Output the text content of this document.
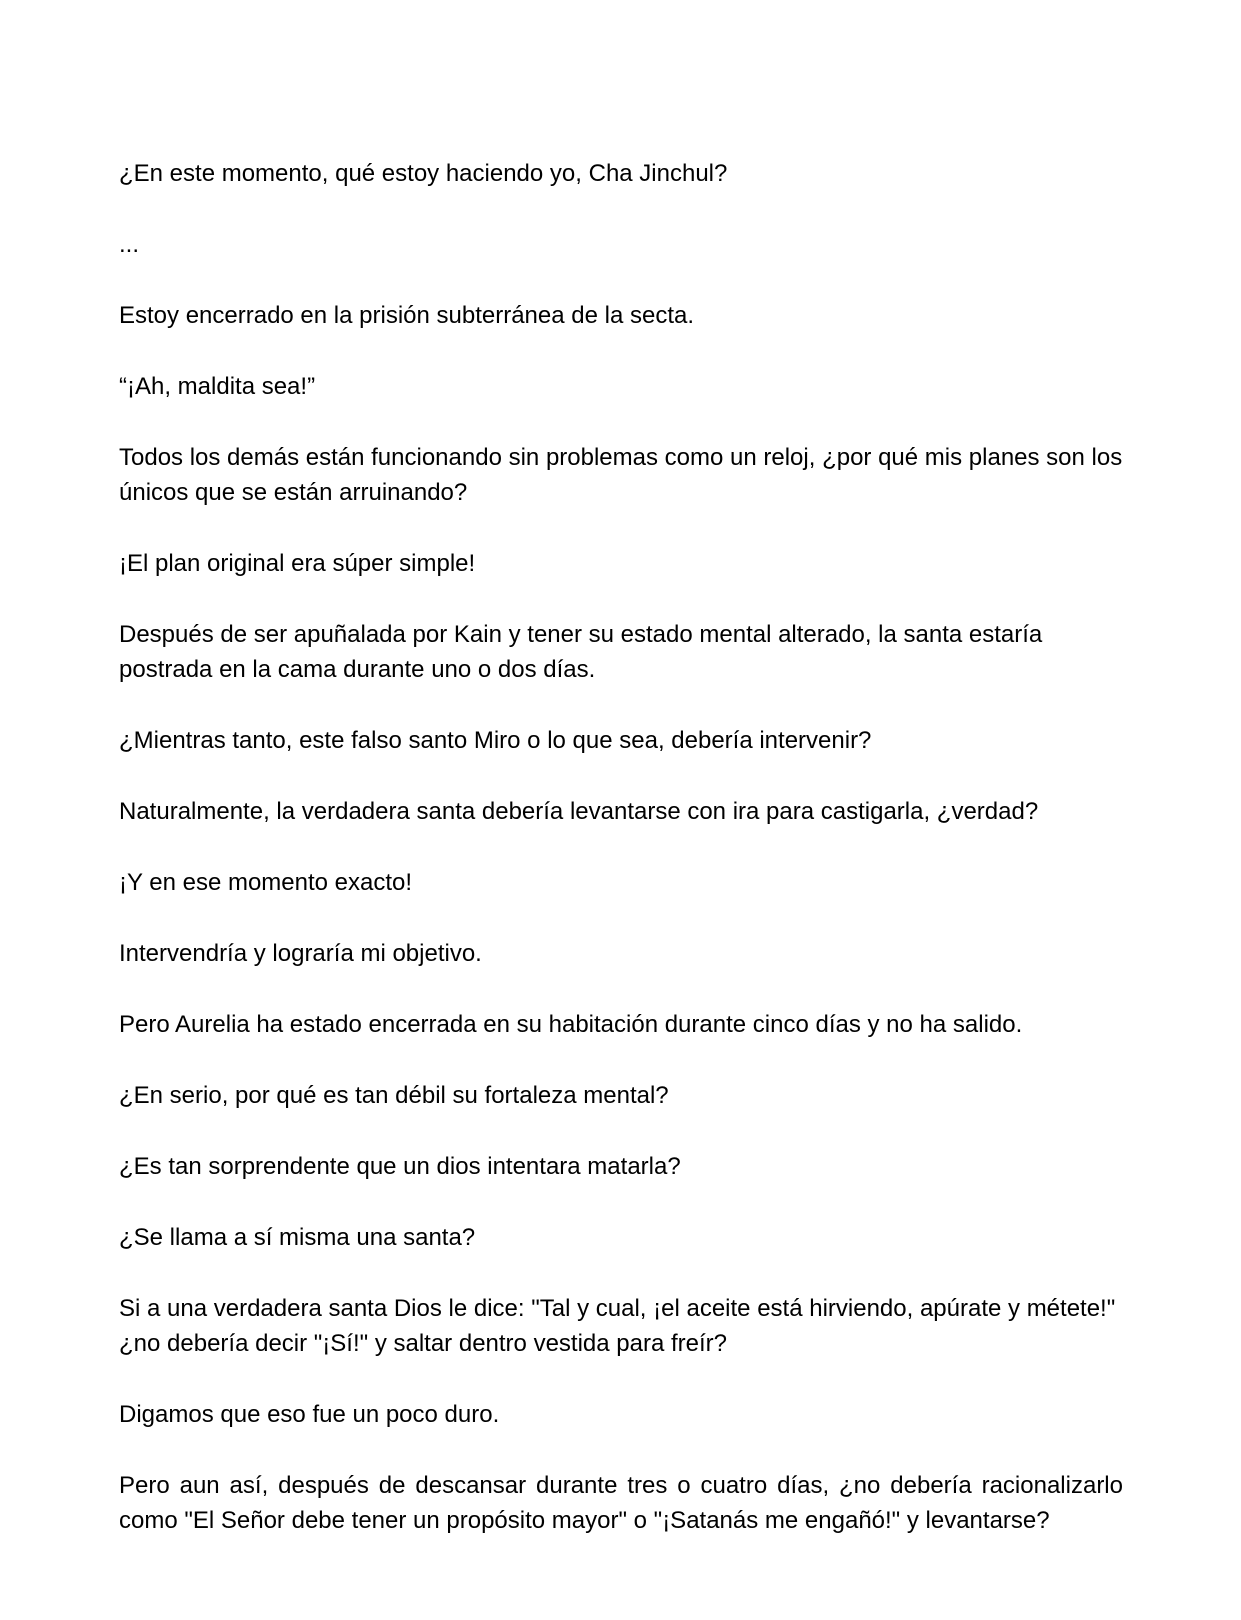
¿En este momento, qué estoy haciendo yo, Cha Jinchul?

...

Estoy encerrado en la prisión subterránea de la secta.

“¡Ah, maldita sea!”

Todos los demás están funcionando sin problemas como un reloj, ¿por qué mis planes son los únicos que se están arruinando?

¡El plan original era súper simple!

Después de ser apuñalada por Kain y tener su estado mental alterado, la santa estaría postrada en la cama durante uno o dos días.

¿Mientras tanto, este falso santo Miro o lo que sea, debería intervenir?

Naturalmente, la verdadera santa debería levantarse con ira para castigarla, ¿verdad?

¡Y en ese momento exacto!

Intervendría y lograría mi objetivo.

Pero Aurelia ha estado encerrada en su habitación durante cinco días y no ha salido.

¿En serio, por qué es tan débil su fortaleza mental?

¿Es tan sorprendente que un dios intentara matarla?

¿Se llama a sí misma una santa?

Si a una verdadera santa Dios le dice: "Tal y cual, ¡el aceite está hirviendo, apúrate y métete!" ¿no debería decir "¡Sí!" y saltar dentro vestida para freír?

Digamos que eso fue un poco duro.

Pero aun así, después de descansar durante tres o cuatro días, ¿no debería racionalizarlo como "El Señor debe tener un propósito mayor" o "¡Satanás me engañó!" y levantarse?
